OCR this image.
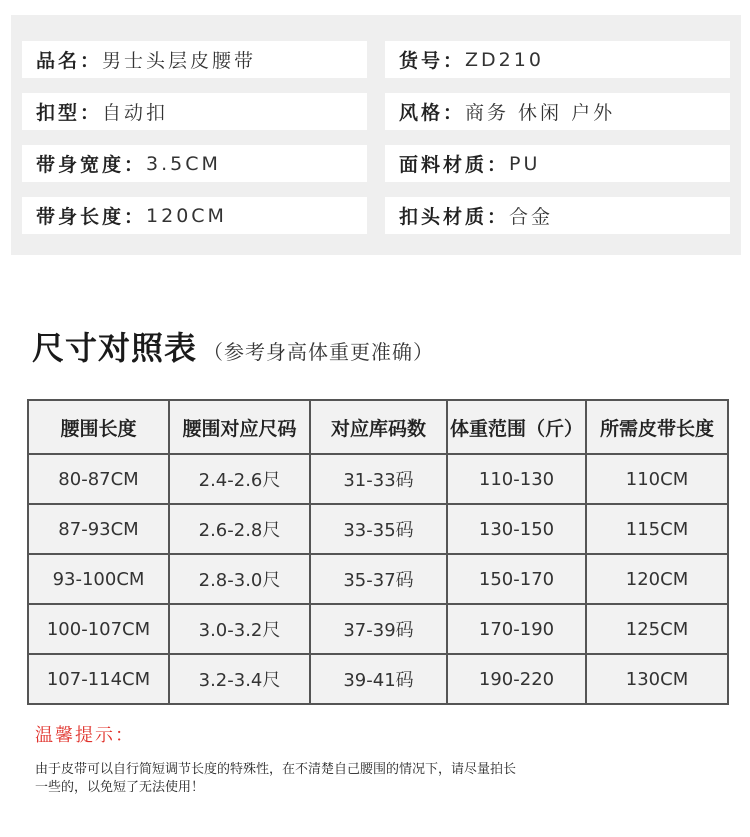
品名： 男士头层皮腰带	货号： ZD210
扣型： 自动扣	风格： 商务 休闲 户外
带身宽度： 3.5CM	面料材质： PU
带身长度： 120CM	扣头材质： 合金
尺寸对照表 （参考身高体重更准确）
腰围长度	腰围对应尺码	对应库码数	体重范围（斤）	所需皮带长度
80-87CM	2.4-2.6尺	31-33码	110-130	110CM
87-93CM	2.6-2.8尺	33-35码	130-150	115CM
93-100CM	2.8-3.0尺	35-37码	150-170	120CM
100-107CM	3.0-3.2尺	37-39码	170-190	125CM
107-114CM	3.2-3.4尺	39-41码	190-220	130CM
温馨提示：
由于皮带可以自行简短调节长度的特殊性，在不清楚自己腰围的情况下，请尽量拍长
一些的，以免短了无法使用！
